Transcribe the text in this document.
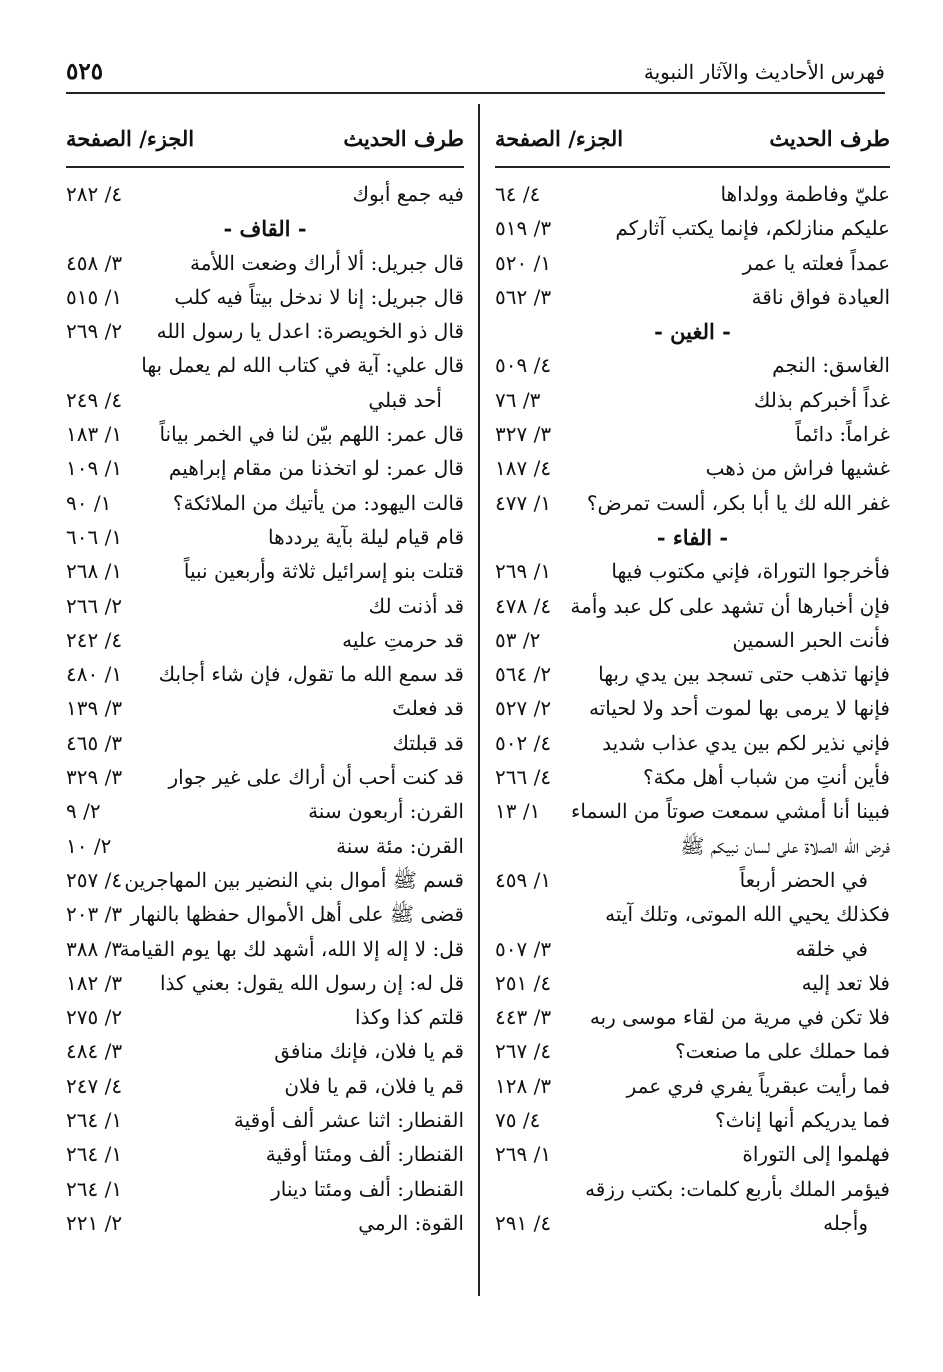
فهرس الأحاديث والآثار النبوية
٥٢٥
طرف الحديث
الجزء/ الصفحة
عليّ وفاطمة وولداها
٤/ ٦٤
عليكم منازلكم، فإنما يكتب آثاركم
٣/ ٥١٩
عمداً فعلته يا عمر
١/ ٥٢٠
العيادة فواق ناقة
٣/ ٥٦٢
- الغين -
الغاسق: النجم
٤/ ٥٠٩
غداً أخبركم بذلك
٣/ ٧٦
غراماً: دائماً
٣/ ٣٢٧
غشيها فراش من ذهب
٤/ ١٨٧
غفر الله لك يا أبا بكر، ألست تمرض؟
١/ ٤٧٧
- الفاء -
فأخرجوا التوراة، فإني مكتوب فيها
١/ ٢٦٩
فإن أخبارها أن تشهد على كل عبد وأمة
٤/ ٤٧٨
فأنت الحبر السمين
٢/ ٥٣
فإنها تذهب حتى تسجد بين يدي ربها
٢/ ٥٦٤
فإنها لا يرمى بها لموت أحد ولا لحياته
٢/ ٥٢٧
فإني نذير لكم بين يدي عذاب شديد
٤/ ٥٠٢
فأين أنتِ من شباب أهل مكة؟
٤/ ٢٦٦
فبينا أنا أمشي سمعت صوتاً من السماء
١/ ١٣
فرض الله الصلاة على لسان نبيكم ﷺ
في الحضر أربعاً
١/ ٤٥٩
فكذلك يحيي الله الموتى، وتلك آيته
في خلقه
٣/ ٥٠٧
فلا تعد إليه
٤/ ٢٥١
فلا تكن في مرية من لقاء موسى ربه
٣/ ٤٤٣
فما حملك على ما صنعت؟
٤/ ٢٦٧
فما رأيت عبقرياً يفري فري عمر
٣/ ١٢٨
فما يدريكم أنها إناث؟
٤/ ٧٥
فهلموا إلى التوراة
١/ ٢٦٩
فيؤمر الملك بأربع كلمات: بكتب رزقه
وأجله
٤/ ٢٩١
طرف الحديث
الجزء/ الصفحة
فيه جمع أبوك
٤/ ٢٨٢
- القاف -
قال جبريل: ألا أراك وضعت اللأمة
٣/ ٤٥٨
قال جبريل: إنا لا ندخل بيتاً فيه كلب
١/ ٥١٥
قال ذو الخويصرة: اعدل يا رسول الله
٢/ ٢٦٩
قال علي: آية في كتاب الله لم يعمل بها
أحد قبلي
٤/ ٢٤٩
قال عمر: اللهم بيّن لنا في الخمر بياناً
١/ ١٨٣
قال عمر: لو اتخذنا من مقام إبراهيم
١/ ١٠٩
قالت اليهود: من يأتيك من الملائكة؟
١/ ٩٠
قام قيام ليلة بآية يرددها
١/ ٦٠٦
قتلت بنو إسرائيل ثلاثة وأربعين نبياً
١/ ٢٦٨
قد أذنت لك
٢/ ٢٦٦
قد حرمتِ عليه
٤/ ٢٤٢
قد سمع الله ما تقول، فإن شاء أجابك
١/ ٤٨٠
قد فعلتَ
٣/ ١٣٩
قد قبلتك
٣/ ٤٦٥
قد كنت أحب أن أراك على غير جوار
٣/ ٣٢٩
القرن: أربعون سنة
٢/ ٩
القرن: مئة سنة
٢/ ١٠
قسم ﷺ أموال بني النضير بين المهاجرين
٤/ ٢٥٧
قضى ﷺ على أهل الأموال حفظها بالنهار
٣/ ٢٠٣
قل: لا إله إلا الله، أشهد لك بها يوم القيامة
٣/ ٣٨٨
قل له: إن رسول الله يقول: بعني كذا
٣/ ١٨٢
قلتم كذا وكذا
٢/ ٢٧٥
قم يا فلان، فإنك منافق
٣/ ٤٨٤
قم يا فلان، قم يا فلان
٤/ ٢٤٧
القنطار: اثنا عشر ألف أوقية
١/ ٢٦٤
القنطار: ألف ومئتا أوقية
١/ ٢٦٤
القنطار: ألف ومئتا دينار
١/ ٢٦٤
القوة: الرمي
٢/ ٢٢١
